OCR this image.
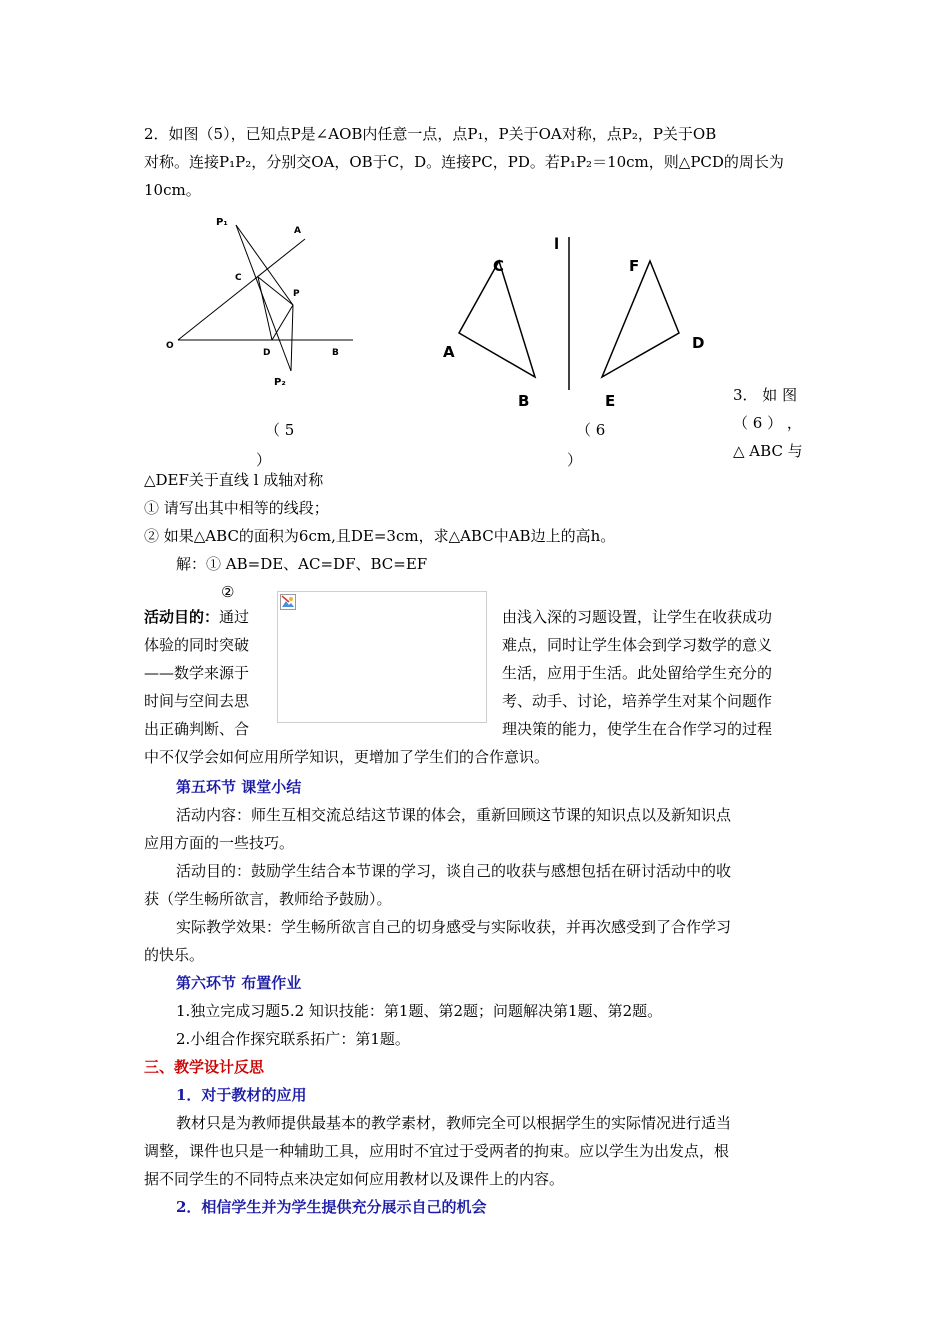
2．如图（5），已知点P是∠AOB内任意一点，点P₁，P关于OA对称，点P₂，P关于OB
对称。连接P₁P₂，分别交OA，OB于C，D。连接PC，PD。若P₁P₂＝10cm，则△PCD的周长为
10cm。
P₁
A
C
P
O
D	B
P₂
（ 5
）
l
C	F
A	D
B	E
（ 6
）
3． 如 图
（ 6 ） ，
△ ABC 与
△DEF关于直线 l 成轴对称
① 请写出其中相等的线段；
② 如果△ABC的面积为6cm,且DE=3cm，求△ABC中AB边上的高h。
解：① AB=DE、AC=DF、BC=EF
②
活动目的：通过
体验的同时突破
——数学来源于
时间与空间去思
出正确判断、合
由浅入深的习题设置，让学生在收获成功
难点，同时让学生体会到学习数学的意义
生活，应用于生活。此处留给学生充分的
考、动手、讨论，培养学生对某个问题作
理决策的能力，使学生在合作学习的过程
中不仅学会如何应用所学知识，更增加了学生们的合作意识。
第五环节 课堂小结
活动内容：师生互相交流总结这节课的体会，重新回顾这节课的知识点以及新知识点
应用方面的一些技巧。
活动目的：鼓励学生结合本节课的学习，谈自己的收获与感想包括在研讨活动中的收
获（学生畅所欲言，教师给予鼓励）。
实际教学效果：学生畅所欲言自己的切身感受与实际收获，并再次感受到了合作学习
的快乐。
第六环节 布置作业
1.独立完成习题5.2 知识技能：第1题、第2题；问题解决第1题、第2题。
2.小组合作探究联系拓广：第1题。
三、教学设计反思
1．对于教材的应用
教材只是为教师提供最基本的教学素材，教师完全可以根据学生的实际情况进行适当
调整，课件也只是一种辅助工具，应用时不宜过于受两者的拘束。应以学生为出发点，根
据不同学生的不同特点来决定如何应用教材以及课件上的内容。
2．相信学生并为学生提供充分展示自己的机会
